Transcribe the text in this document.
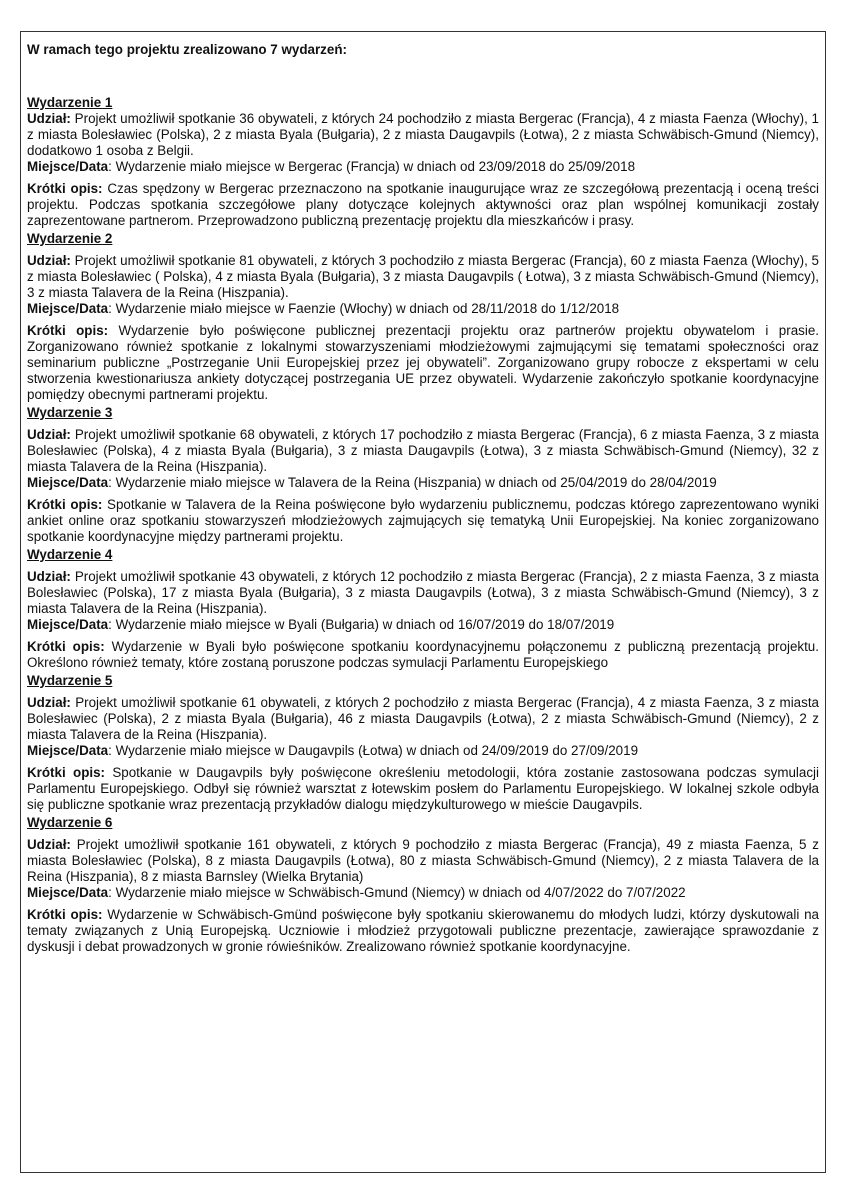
W ramach tego projektu zrealizowano 7 wydarzeń:

Wydarzenie 1

Udział: Projekt umożliwił spotkanie 36 obywateli, z których 24 pochodziło z miasta Bergerac (Francja), 4 z miasta Faenza (Włochy), 1 z miasta Bolesławiec (Polska), 2 z miasta Byala (Bułgaria), 2 z miasta Daugavpils (Łotwa), 2 z miasta Schwäbisch-Gmund (Niemcy), dodatkowo 1 osoba z Belgii.

Miejsce/Data: Wydarzenie miało miejsce w Bergerac (Francja) w dniach od 23/09/2018 do 25/09/2018

Krótki opis: Czas spędzony w Bergerac przeznaczono na spotkanie inaugurujące wraz ze szczegółową prezentacją i oceną treści projektu. Podczas spotkania szczegółowe plany dotyczące kolejnych aktywności oraz plan wspólnej komunikacji zostały zaprezentowane partnerom. Przeprowadzono publiczną prezentację projektu dla mieszkańców i prasy.

Wydarzenie 2

Udział: Projekt umożliwił spotkanie 81 obywateli, z których 3 pochodziło z miasta Bergerac (Francja), 60 z miasta Faenza (Włochy), 5 z miasta Bolesławiec ( Polska), 4 z miasta Byala (Bułgaria), 3 z miasta Daugavpils ( Łotwa), 3 z miasta Schwäbisch-Gmund (Niemcy), 3 z miasta Talavera de la Reina (Hiszpania).

Miejsce/Data: Wydarzenie miało miejsce w Faenzie (Włochy) w dniach od 28/11/2018 do 1/12/2018

Krótki opis: Wydarzenie było poświęcone publicznej prezentacji projektu oraz partnerów projektu obywatelom i prasie. Zorganizowano również spotkanie z lokalnymi stowarzyszeniami młodzieżowymi zajmującymi się tematami społeczności oraz seminarium publiczne „Postrzeganie Unii Europejskiej przez jej obywateli”. Zorganizowano grupy robocze z ekspertami w celu stworzenia kwestionariusza ankiety dotyczącej postrzegania UE przez obywateli. Wydarzenie zakończyło spotkanie koordynacyjne pomiędzy obecnymi partnerami projektu.

Wydarzenie 3

Udział: Projekt umożliwił spotkanie 68 obywateli, z których 17 pochodziło z miasta Bergerac (Francja), 6 z miasta Faenza, 3 z miasta Bolesławiec (Polska), 4 z miasta Byala (Bułgaria), 3 z miasta Daugavpils (Łotwa), 3 z miasta Schwäbisch-Gmund (Niemcy), 32 z miasta Talavera de la Reina (Hiszpania).

Miejsce/Data: Wydarzenie miało miejsce w Talavera de la Reina (Hiszpania) w dniach od 25/04/2019 do 28/04/2019

Krótki opis: Spotkanie w Talavera de la Reina poświęcone było wydarzeniu publicznemu, podczas którego zaprezentowano wyniki ankiet online oraz spotkaniu stowarzyszeń młodzieżowych zajmujących się tematyką Unii Europejskiej. Na koniec zorganizowano spotkanie koordynacyjne między partnerami projektu.

Wydarzenie 4

Udział: Projekt umożliwił spotkanie 43 obywateli, z których 12 pochodziło z miasta Bergerac (Francja), 2 z miasta Faenza, 3 z miasta Bolesławiec (Polska), 17 z miasta Byala (Bułgaria), 3 z miasta Daugavpils (Łotwa), 3 z miasta Schwäbisch-Gmund (Niemcy), 3 z miasta Talavera de la Reina (Hiszpania).

Miejsce/Data: Wydarzenie miało miejsce w Byali (Bułgaria) w dniach od 16/07/2019 do 18/07/2019

Krótki opis: Wydarzenie w Byali było poświęcone spotkaniu koordynacyjnemu połączonemu z publiczną prezentacją projektu. Określono również tematy, które zostaną poruszone podczas symulacji Parlamentu Europejskiego

Wydarzenie 5

Udział: Projekt umożliwił spotkanie 61 obywateli, z których 2 pochodziło z miasta Bergerac (Francja), 4 z miasta Faenza, 3 z miasta Bolesławiec (Polska), 2 z miasta Byala (Bułgaria), 46 z miasta Daugavpils (Łotwa), 2 z miasta Schwäbisch-Gmund (Niemcy), 2 z miasta Talavera de la Reina (Hiszpania).

Miejsce/Data: Wydarzenie miało miejsce w Daugavpils (Łotwa) w dniach od 24/09/2019 do 27/09/2019

Krótki opis: Spotkanie w Daugavpils były poświęcone określeniu metodologii, która zostanie zastosowana podczas symulacji Parlamentu Europejskiego. Odbył się również warsztat z łotewskim posłem do Parlamentu Europejskiego. W lokalnej szkole odbyła się publiczne spotkanie wraz prezentacją przykładów dialogu międzykulturowego w mieście Daugavpils.

Wydarzenie 6

Udział: Projekt umożliwił spotkanie 161 obywateli, z których 9 pochodziło z miasta Bergerac (Francja), 49 z miasta Faenza, 5 z miasta Bolesławiec (Polska), 8 z miasta Daugavpils (Łotwa), 80 z miasta Schwäbisch-Gmund (Niemcy), 2 z miasta Talavera de la Reina (Hiszpania), 8 z miasta Barnsley (Wielka Brytania)

Miejsce/Data: Wydarzenie miało miejsce w Schwäbisch-Gmund (Niemcy) w dniach od 4/07/2022 do 7/07/2022

Krótki opis: Wydarzenie w Schwäbisch-Gmünd poświęcone były spotkaniu skierowanemu do młodych ludzi, którzy dyskutowali na tematy związanych z Unią Europejską. Uczniowie i młodzież przygotowali publiczne prezentacje, zawierające sprawozdanie z dyskusji i debat prowadzonych w gronie rówieśników. Zrealizowano również spotkanie koordynacyjne.
